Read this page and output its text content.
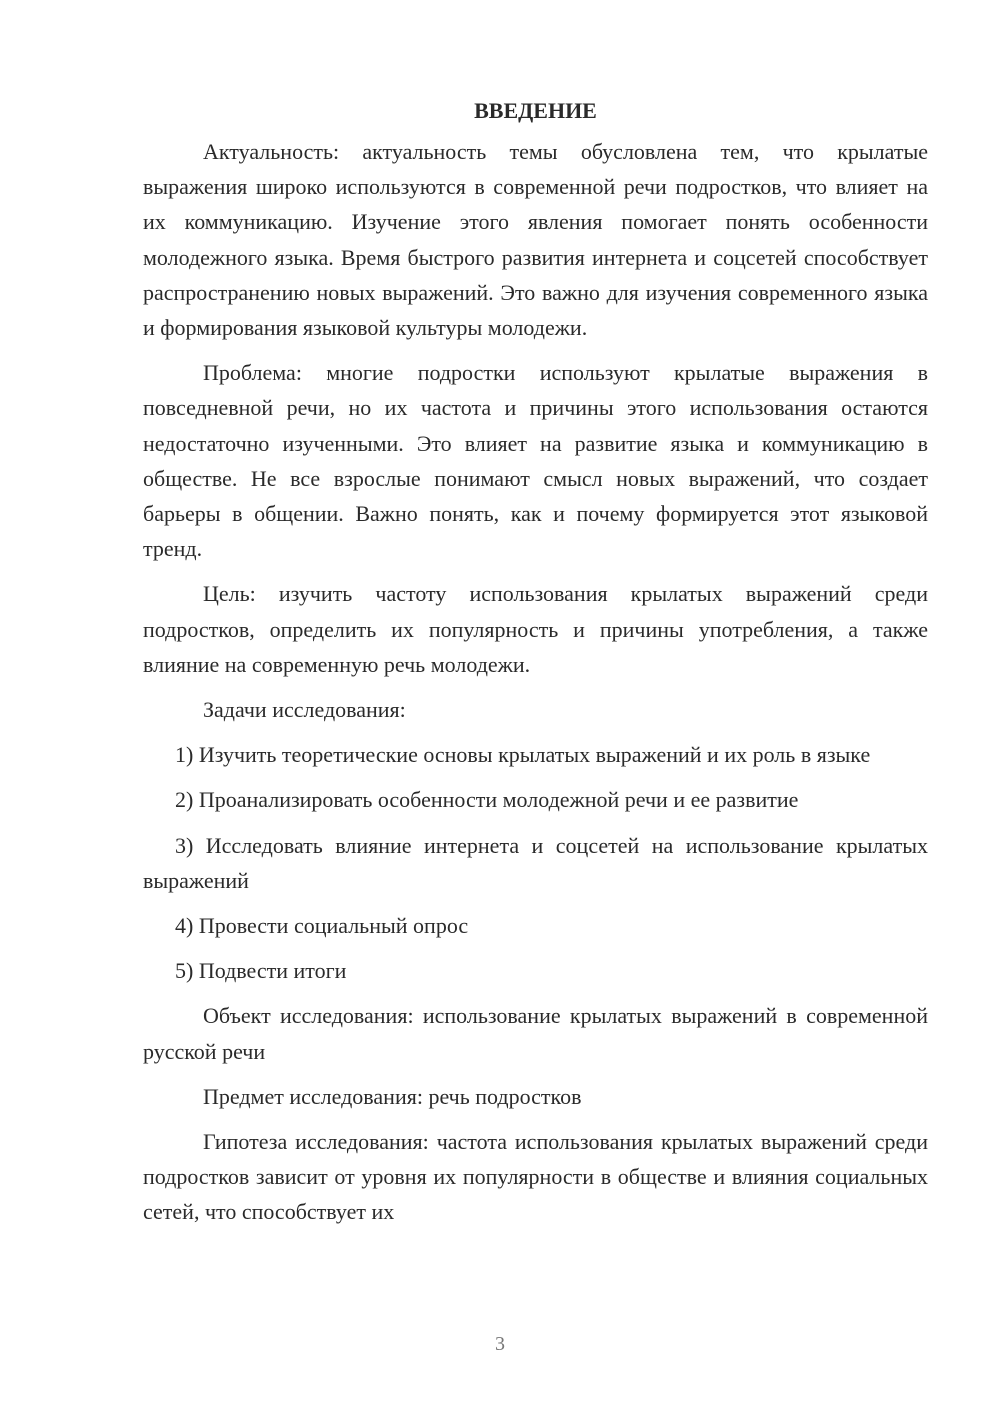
ВВЕДЕНИЕ

Актуальность: актуальность темы обусловлена тем, что крылатые выражения широко используются в современной речи подростков, что влияет на их коммуникацию. Изучение этого явления помогает понять особенности молодежного языка. Время быстрого развития интернета и соцсетей способствует распространению новых выражений. Это важно для изучения современного языка и формирования языковой культуры молодежи.

Проблема: многие подростки используют крылатые выражения в повседневной речи, но их частота и причины этого использования остаются недостаточно изученными. Это влияет на развитие языка и коммуникацию в обществе. Не все взрослые понимают смысл новых выражений, что создает барьеры в общении. Важно понять, как и почему формируется этот языковой тренд.

Цель: изучить частоту использования крылатых выражений среди подростков, определить их популярность и причины употребления, а также влияние на современную речь молодежи.

Задачи исследования:

1) Изучить теоретические основы крылатых выражений и их роль в языке

2) Проанализировать особенности молодежной речи и ее развитие

3) Исследовать влияние интернета и соцсетей на использование крылатых выражений

4) Провести социальный опрос

5) Подвести итоги

Объект исследования: использование крылатых выражений в современной русской речи

Предмет исследования: речь подростков

Гипотеза исследования: частота использования крылатых выражений среди подростков зависит от уровня их популярности в обществе и влияния социальных сетей, что способствует их

3
